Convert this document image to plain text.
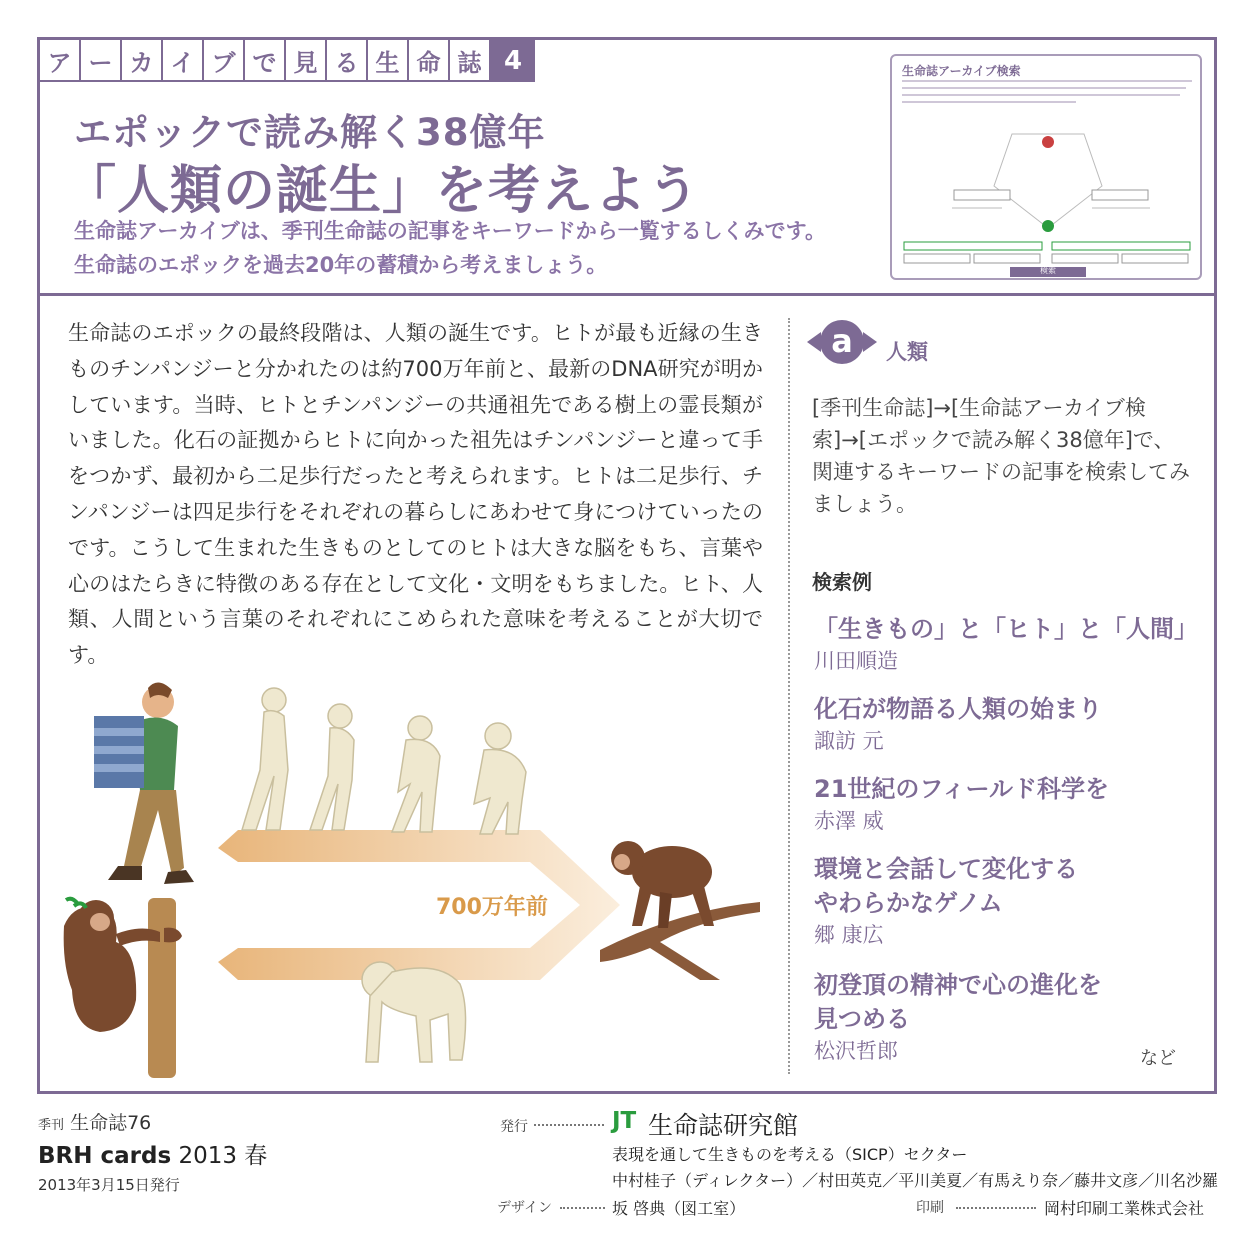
ア ー カ イ ブ で 見 る 生 命 誌 4
エポックで読み解く38億年
「人類の誕生」を考えよう
生命誌アーカイブは、季刊生命誌の記事をキーワードから一覧するしくみです。
生命誌のエポックを過去20年の蓄積から考えましょう。
生命誌アーカイブ検索
検索
生命誌のエポックの最終段階は、人類の誕生です。ヒトが最も近縁の生きものチンパンジーと分かれたのは約700万年前と、最新のDNA研究が明かしています。当時、ヒトとチンパンジーの共通祖先である樹上の霊長類がいました。化石の証拠からヒトに向かった祖先はチンパンジーと違って手をつかず、最初から二足歩行だったと考えられます。ヒトは二足歩行、チンパンジーは四足歩行をそれぞれの暮らしにあわせて身につけていったのです。こうして生まれた生きものとしてのヒトは大きな脳をもち、言葉や心のはたらきに特徴のある存在として文化・文明をもちました。ヒト、人類、人間という言葉のそれぞれにこめられた意味を考えることが大切です。
a 人類
[季刊生命誌]→[生命誌アーカイブ検索]→[エポックで読み解く38億年]で、関連するキーワードの記事を検索してみましょう。
検索例
「生きもの」と「ヒト」と「人間」
川田順造
化石が物語る人類の始まり
諏訪 元
21世紀のフィールド科学を
赤澤 威
環境と会話して変化する
やわらかなゲノム
郷 康広
初登頂の精神で心の進化を
見つめる
松沢哲郎	など
700万年前
季刊 生命誌76
BRH cards 2013 春
2013年3月15日発行
発行	JT 生命誌研究館
表現を通して生きものを考える（SICP）セクター
中村桂子（ディレクター）／村田英克／平川美夏／有馬えり奈／藤井文彦／川名沙羅
デザイン	坂 啓典（図工室）	印刷	岡村印刷工業株式会社
